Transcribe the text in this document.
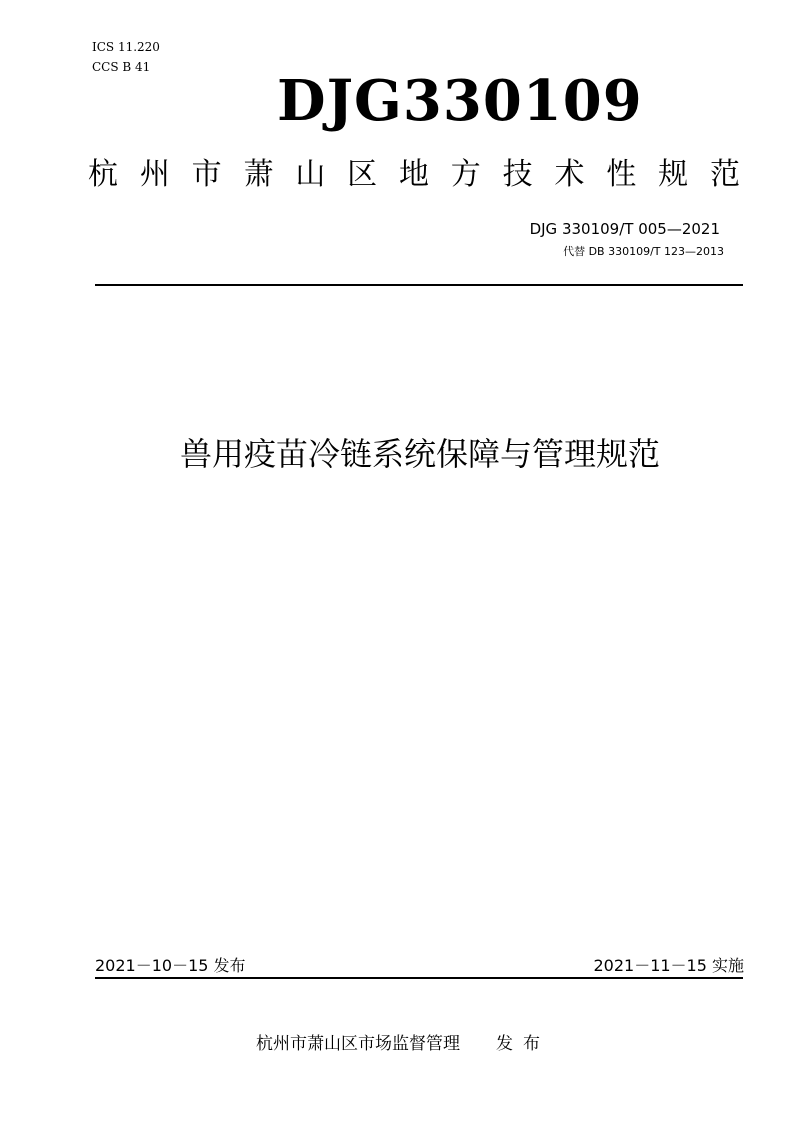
ICS 11.220
CCS B 41
DJG330109
杭 州 市 萧 山 区 地 方 技 术 性 规 范
DJG 330109/T 005—2021
代替 DB 330109/T 123—2013
兽用疫苗冷链系统保障与管理规范
2021－10－15 发布	2021－11－15 实施
杭州市萧山区市场监督管理 发布
